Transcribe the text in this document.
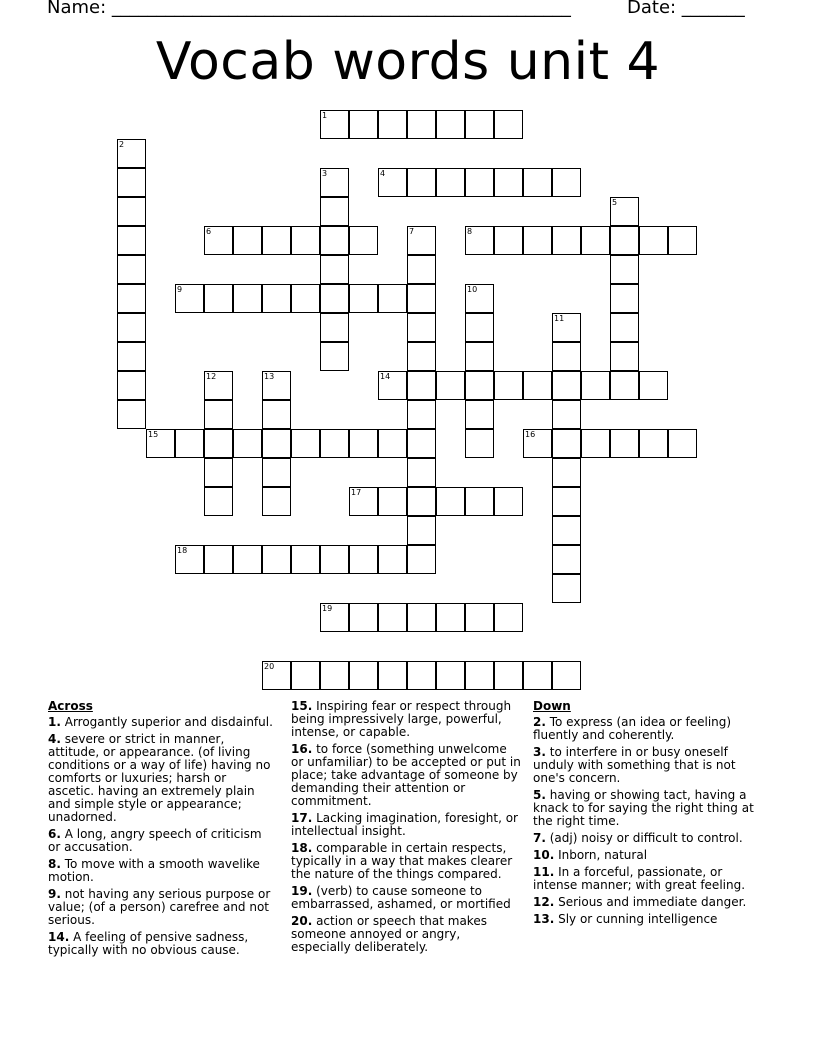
Name: ___________________________________________________	Date: _______
Vocab words unit 4
1
2
3	4
5
6	7	8
9	10
11
12	13	14
15	16
17
18
19
20
Across
1. Arrogantly superior and disdainful.
4. severe or strict in manner, attitude, or appearance. (of living conditions or a way of life) having no comforts or luxuries; harsh or ascetic. having an extremely plain and simple style or appearance; unadorned.
6. A long, angry speech of criticism or accusation.
8. To move with a smooth wavelike motion.
9. not having any serious purpose or value; (of a person) carefree and not serious.
14. A feeling of pensive sadness, typically with no obvious cause.
15. Inspiring fear or respect through being impressively large, powerful, intense, or capable.
16. to force (something unwelcome or unfamiliar) to be accepted or put in place; take advantage of someone by demanding their attention or commitment.
17. Lacking imagination, foresight, or intellectual insight.
18. comparable in certain respects, typically in a way that makes clearer the nature of the things compared.
19. (verb) to cause someone to embarrassed, ashamed, or mortified
20. action or speech that makes someone annoyed or angry, especially deliberately.
Down
2. To express (an idea or feeling) fluently and coherently.
3. to interfere in or busy oneself unduly with something that is not one's concern.
5. having or showing tact, having a knack to for saying the right thing at the right time.
7. (adj) noisy or difficult to control.
10. Inborn, natural
11. In a forceful, passionate, or intense manner; with great feeling.
12. Serious and immediate danger.
13. Sly or cunning intelligence
